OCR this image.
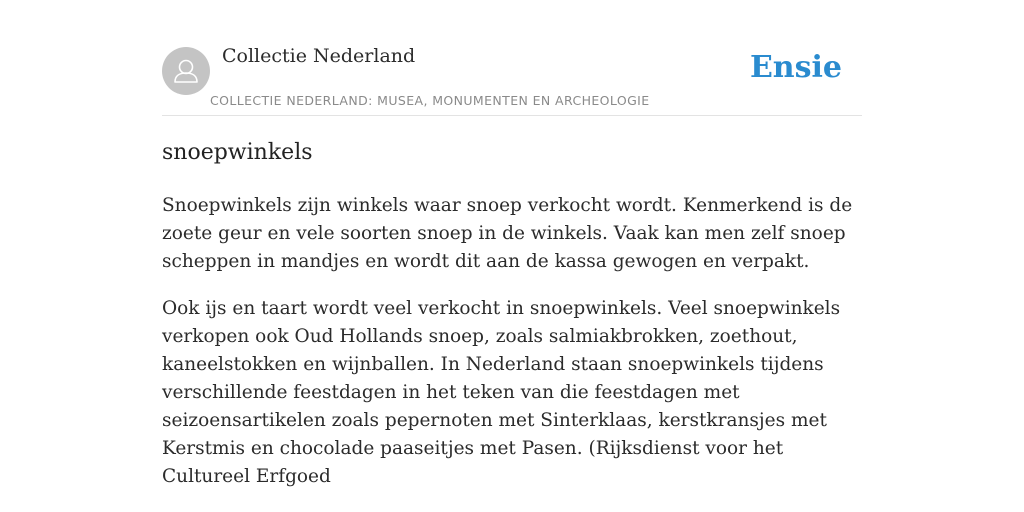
Collectie Nederland
COLLECTIE NEDERLAND: MUSEA, MONUMENTEN EN ARCHEOLOGIE
Ensie
snoepwinkels

Snoepwinkels zijn winkels waar snoep verkocht wordt. Kenmerkend is de zoete geur en vele soorten snoep in de winkels. Vaak kan men zelf snoep scheppen in mandjes en wordt dit aan de kassa gewogen en verpakt.

Ook ijs en taart wordt veel verkocht in snoepwinkels. Veel snoepwinkels verkopen ook Oud Hollands snoep, zoals salmiakbrokken, zoethout, kaneelstokken en wijnballen. In Nederland staan snoepwinkels tijdens verschillende feestdagen in het teken van die feestdagen met seizoensartikelen zoals pepernoten met Sinterklaas, kerstkransjes met Kerstmis en chocolade paaseitjes met Pasen. (Rijksdienst voor het Cultureel Erfgoed
